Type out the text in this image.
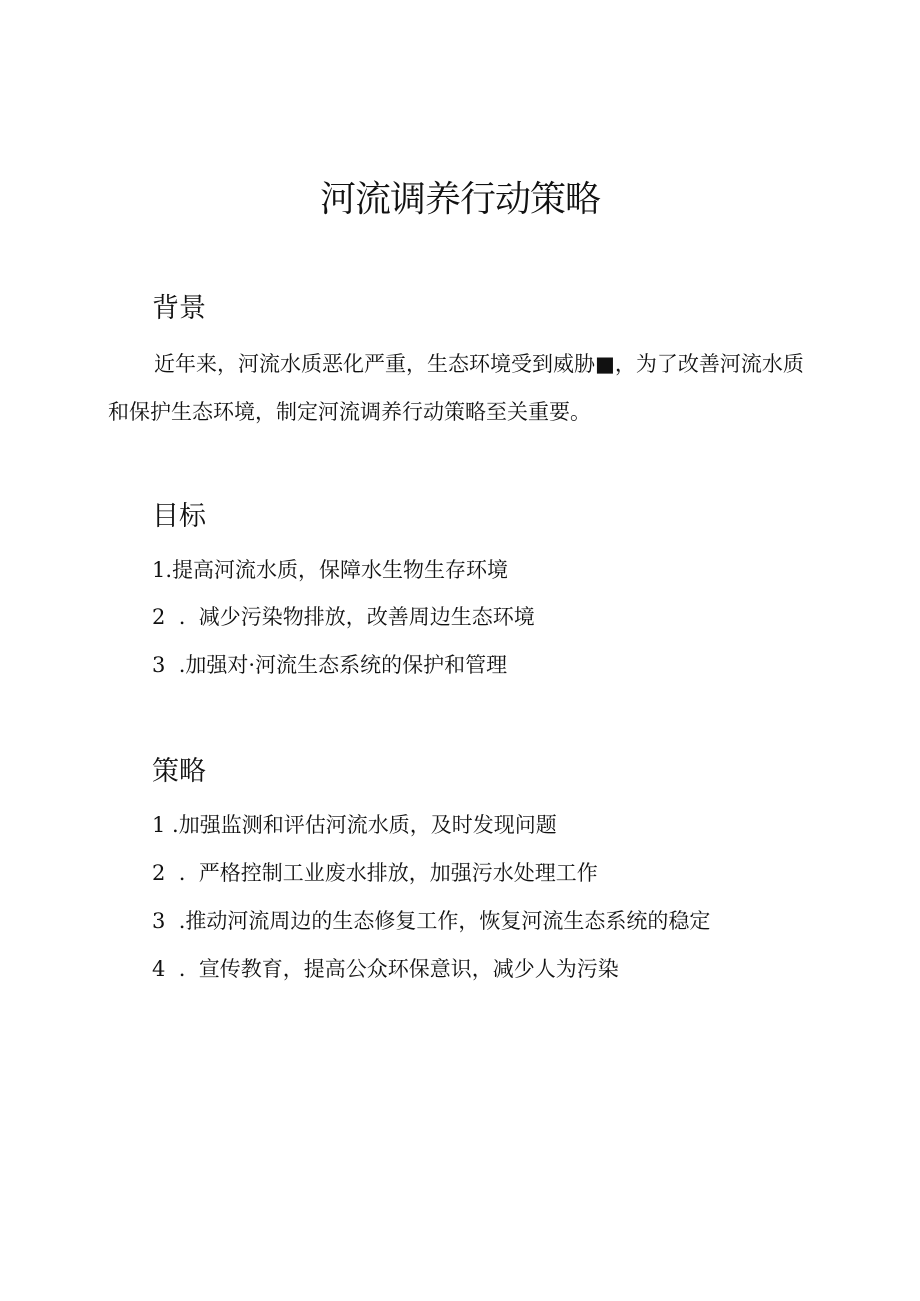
河流调养行动策略
背景

近年来，河流水质恶化严重，生态环境受到威胁■，为了改善河流水质和保护生态环境，制定河流调养行动策略至关重要。

目标
1.提高河流水质，保障水生物生存环境
2  .  减少污染物排放，改善周边生态环境
3  .加强对·河流生态系统的保护和管理
策略
1 .加强监测和评估河流水质，及时发现问题
2  .  严格控制工业废水排放，加强污水处理工作
3  .推动河流周边的生态修复工作，恢复河流生态系统的稳定
4  .  宣传教育，提高公众环保意识，减少人为污染
